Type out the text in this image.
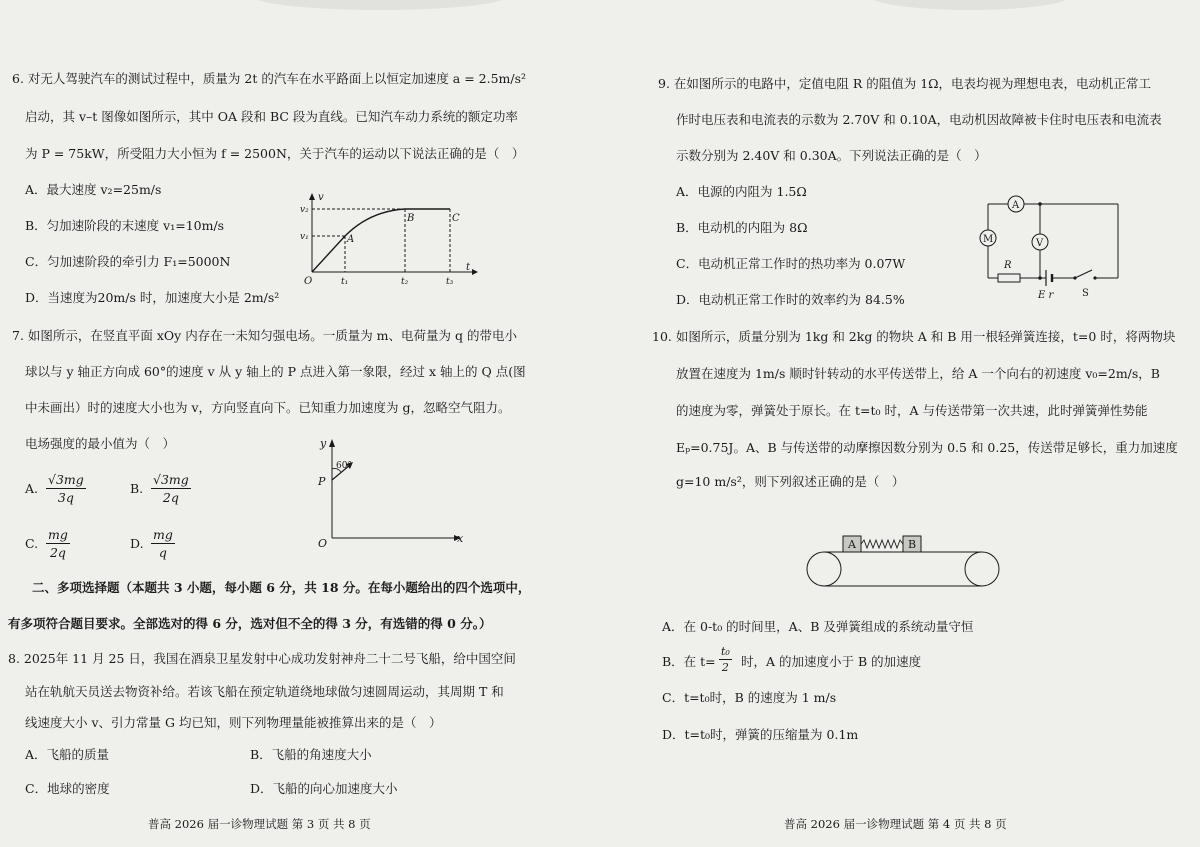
6. 对无人驾驶汽车的测试过程中，质量为 2t 的汽车在水平路面上以恒定加速度 a = 2.5m/s²
启动，其 v–t 图像如图所示，其中 OA 段和 BC 段为直线。已知汽车动力系统的额定功率
为 P = 75kW，所受阻力大小恒为 f = 2500N，关于汽车的运动以下说法正确的是（　）
A．最大速度 v₂=25m/s
B．匀加速阶段的末速度 v₁=10m/s
C．匀加速阶段的牵引力 F₁=5000N
D．当速度为20m/s 时，加速度大小是 2m/s²
v
t
O
v₂
v₁
t₁	t₂	t₃
A
B	C
7. 如图所示，在竖直平面 xOy 内存在一未知匀强电场。一质量为 m、电荷量为 q 的带电小
球以与 y 轴正方向成 60°的速度 v 从 y 轴上的 P 点进入第一象限，经过 x 轴上的 Q 点(图
中未画出）时的速度大小也为 v，方向竖直向下。已知重力加速度为 g，忽略空气阻力。
电场强度的最小值为（　）
A. $\frac{√3mg}{3q}$	B. $\frac{√3mg}{2q}$
C. $\frac{mg}{2q}$	D. $\frac{mg}{q}$
y
x
O
P
60°
二、多项选择题（本题共 3 小题，每小题 6 分，共 18 分。在每小题给出的四个选项中，
有多项符合题目要求。全部选对的得 6 分，选对但不全的得 3 分，有选错的得 0 分。）
8. 2025年 11 月 25 日，我国在酒泉卫星发射中心成功发射神舟二十二号飞船，给中国空间
站在轨航天员送去物资补给。若该飞船在预定轨道绕地球做匀速圆周运动，其周期 T 和
线速度大小 v、引力常量 G 均已知，则下列物理量能被推算出来的是（　）
A．飞船的质量	B．飞船的角速度大小
C．地球的密度	D．飞船的向心加速度大小
普高 2026 届一诊物理试题 第 3 页 共 8 页
9. 在如图所示的电路中，定值电阻 R 的阻值为 1Ω，电表均视为理想电表，电动机正常工
作时电压表和电流表的示数为 2.70V 和 0.10A，电动机因故障被卡住时电压表和电流表
示数分别为 2.40V 和 0.30A。下列说法正确的是（　）
A．电源的内阻为 1.5Ω
B．电动机的内阻为 8Ω
C．电动机正常工作时的热功率为 0.07W
D．电动机正常工作时的效率约为 84.5%
A
M	V
R
E r	S
10. 如图所示，质量分别为 1kg 和 2kg 的物块 A 和 B 用一根轻弹簧连接，t=0 时，将两物块
放置在速度为 1m/s 顺时针转动的水平传送带上，给 A 一个向右的初速度 v₀=2m/s，B
的速度为零，弹簧处于原长。在 t=t₀ 时，A 与传送带第一次共速，此时弹簧弹性势能
Eₚ=0.75J。A、B 与传送带的动摩擦因数分别为 0.5 和 0.25，传送带足够长，重力加速度
g=10 m/s²，则下列叙述正确的是（　）
A	B
A．在 0-t₀ 的时间里，A、B 及弹簧组成的系统动量守恒
B．在 $t= \frac{\text{t₀}}{2}$ 时，A 的加速度小于 B 的加速度
C．t=t₀时，B 的速度为 1 m/s
D．t=t₀时，弹簧的压缩量为 0.1m
普高 2026 届一诊物理试题 第 4 页 共 8 页
